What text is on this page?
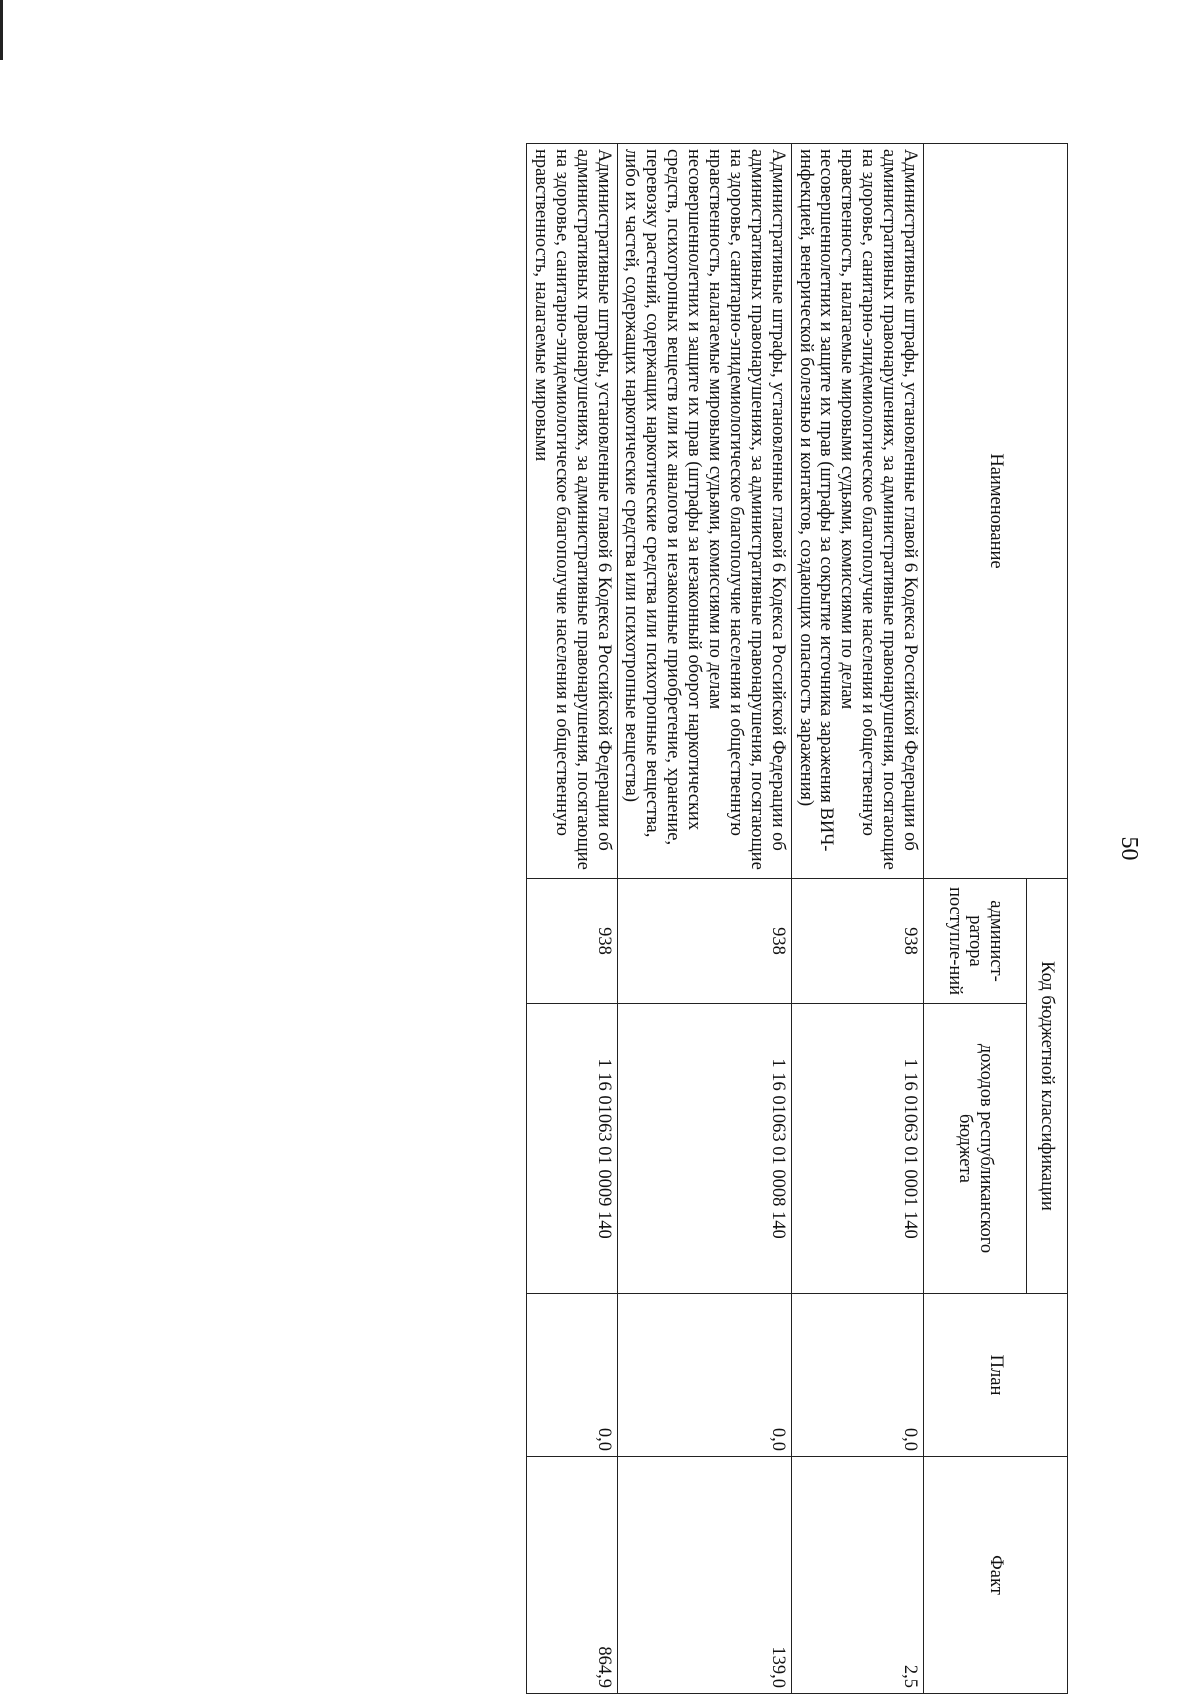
50
Наименование	Код бюджетной классификации		План	Факт
	админист-ратора поступле-ний	доходов республиканского бюджета		
Административные штрафы, установленные главой 6 Кодекса Российской Федерации об административных правонарушениях, за административные правонарушения, посягающие на здоровье, санитарно-эпидемиологическое благополучие населения и общественную нравственность, налагаемые мировыми судьями, комиссиями по делам несовершеннолетних и защите их прав (штрафы за сокрытие источника заражения ВИЧ-инфекцией, венерической болезнью и контактов, создающих опасность заражения)	938	1 16 01063 01 0001 140	0,0	2,5
Административные штрафы, установленные главой 6 Кодекса Российской Федерации об административных правонарушениях, за административные правонарушения, посягающие на здоровье, санитарно-эпидемиологическое благополучие населения и общественную нравственность, налагаемые мировыми судьями, комиссиями по делам несовершеннолетних и защите их прав (штрафы за незаконный оборот наркотических средств, психотропных веществ или их аналогов и незаконные приобретение, хранение, перевозку растений, содержащих наркотические средства или психотропные вещества, либо их частей, содержащих наркотические средства или психотропные вещества)	938	1 16 01063 01 0008 140	0,0	139,0
Административные штрафы, установленные главой 6 Кодекса Российской Федерации об административных правонарушениях, за административные правонарушения, посягающие на здоровье, санитарно-эпидемиологическое благополучие населения и общественную нравственность, налагаемые мировыми	938	1 16 01063 01 0009 140	0,0	864,9
